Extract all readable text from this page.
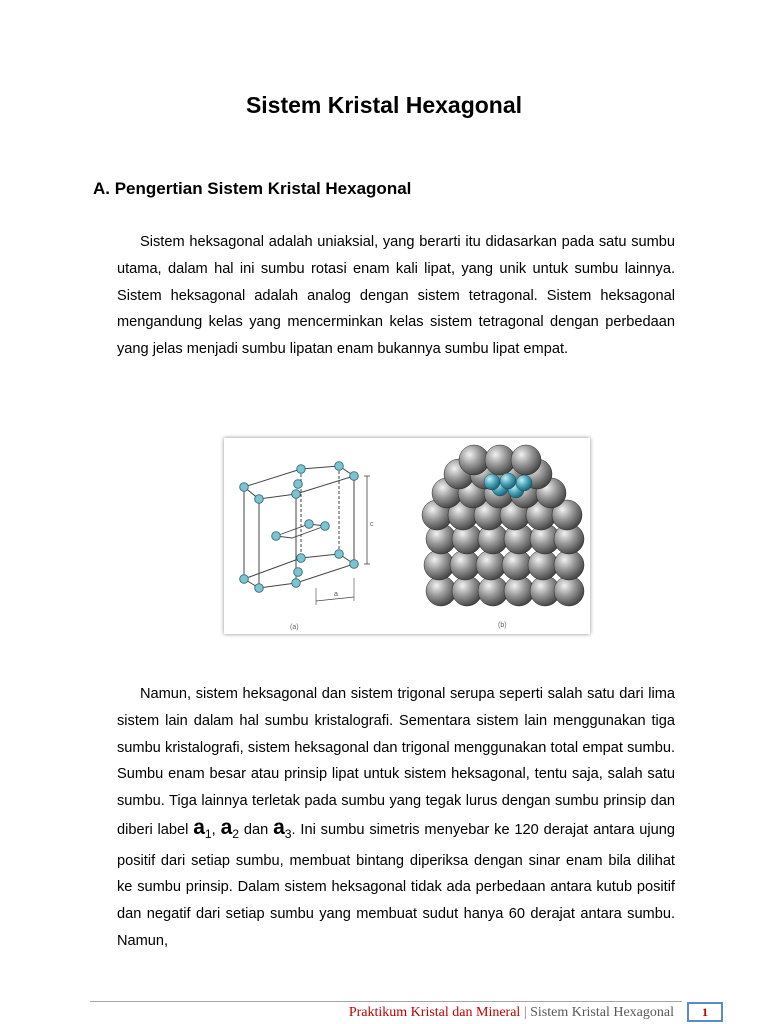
Sistem Kristal Hexagonal
A. Pengertian Sistem Kristal Hexagonal
Sistem heksagonal adalah uniaksial, yang berarti itu didasarkan pada satu sumbu utama, dalam hal ini sumbu rotasi enam kali lipat, yang unik untuk sumbu lainnya. Sistem heksagonal adalah analog dengan sistem tetragonal. Sistem heksagonal mengandung kelas yang mencerminkan kelas sistem tetragonal dengan perbedaan yang jelas menjadi sumbu lipatan enam bukannya sumbu lipat empat.
c
a
(a)	(b)
Namun, sistem heksagonal dan sistem trigonal serupa seperti salah satu dari lima sistem lain dalam hal sumbu kristalografi. Sementara sistem lain menggunakan tiga sumbu kristalografi, sistem heksagonal dan trigonal menggunakan total empat sumbu. Sumbu enam besar atau prinsip lipat untuk sistem heksagonal, tentu saja, salah satu sumbu. Tiga lainnya terletak pada sumbu yang tegak lurus dengan sumbu prinsip dan diberi label $a_1$, $a_2$ dan $a_3$. Ini sumbu simetris menyebar ke 120 derajat antara ujung positif dari setiap sumbu, membuat bintang diperiksa dengan sinar enam bila dilihat ke sumbu prinsip. Dalam sistem heksagonal tidak ada perbedaan antara kutub positif dan negatif dari setiap sumbu yang membuat sudut hanya 60 derajat antara sumbu. Namun,
Praktikum Kristal dan Mineral | Sistem Kristal Hexagonal	1
